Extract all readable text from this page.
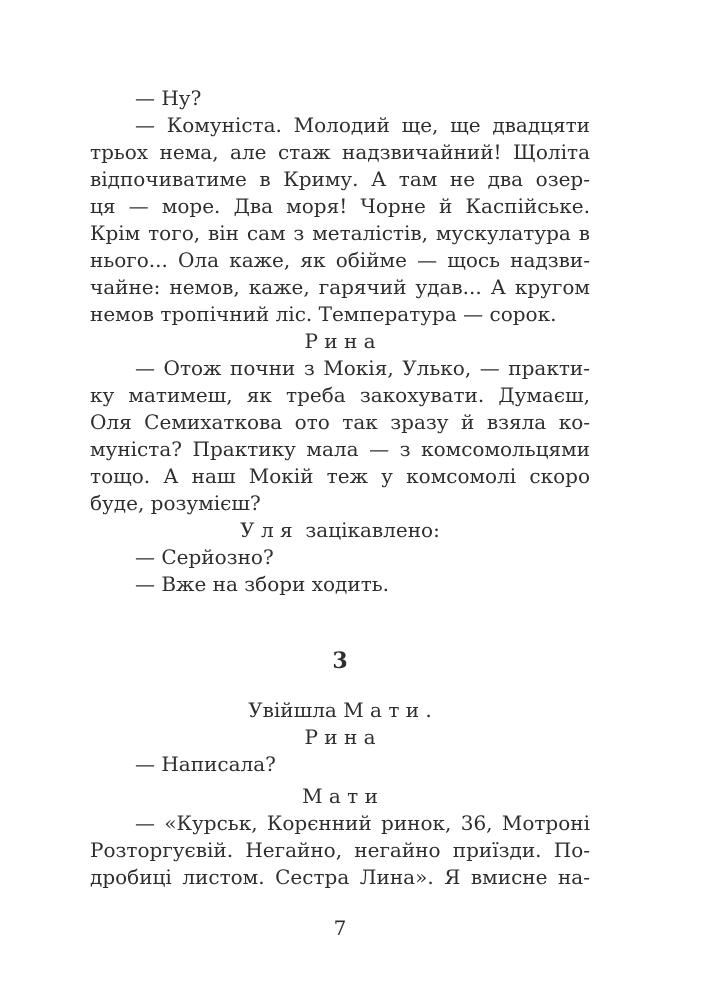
— Ну?
— Комуніста. Молодий ще, ще двадцяти
трьох нема, але стаж надзвичайний! Щоліта
відпочиватиме в Криму. А там не два озер-
ця — море. Два моря! Чорне й Каспійське.
Крім того, він сам з металістів, мускулатура в
нього... Ола каже, як обійме — щось надзви-
чайне: немов, каже, гарячий удав... А кругом
немов тропічний ліс. Температура — сорок.
Р и н а
— Отож почни з Мокія, Улько, — практи-
ку матимеш, як треба закохувати. Думаєш,
Оля Семихаткова ото так зразу й взяла ко-
муніста? Практику мала — з комсомольцями
тощо. А наш Мокій теж у комсомолі скоро
буде, розумієш?
У л я  зацікавлено:
— Серйозно?
— Вже на збори ходить.
3
Увійшла М а т и .
Р и н а
— Написала?
М а т и
— «Курськ, Корєнний ринок, 36, Мотроні
Розторгуєвій. Негайно, негайно приїзди. По-
дробиці листом. Сестра Лина». Я вмисне на-
7
